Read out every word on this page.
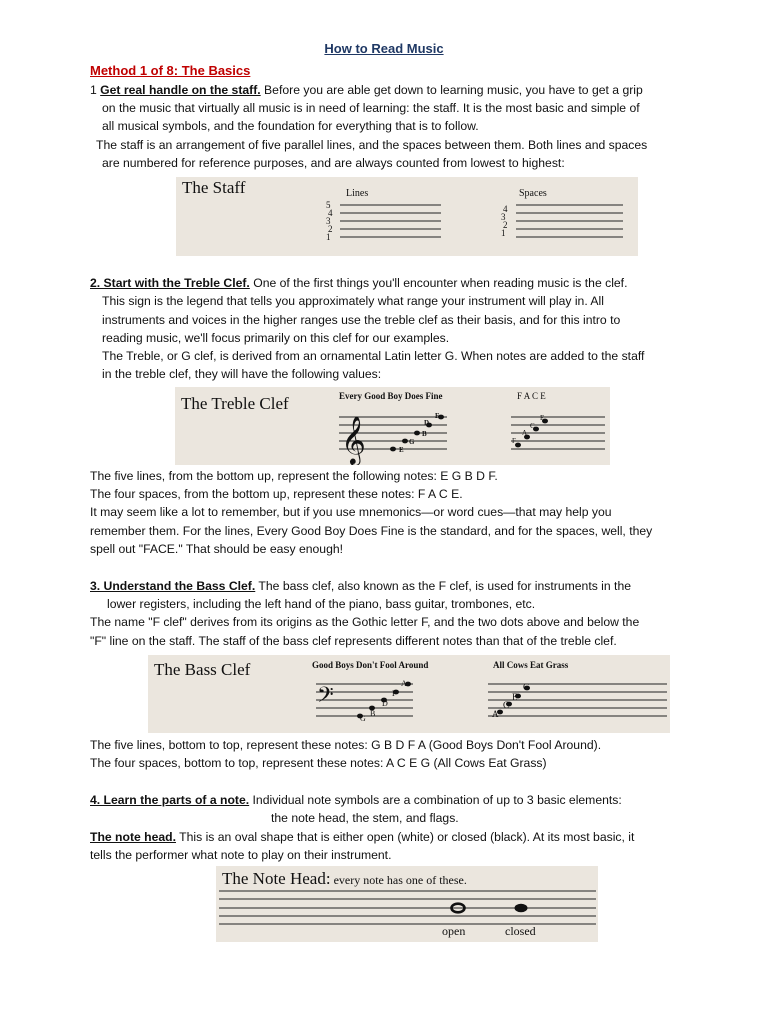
How to Read Music
Method 1 of 8: The Basics
1 Get real handle on the staff. Before you are able get down to learning music, you have to get a grip
on the music that virtually all music is in need of learning: the staff. It is the most basic and simple of
all musical symbols, and the foundation for everything that is to follow.
The staff is an arrangement of five parallel lines, and the spaces between them. Both lines and spaces
are numbered for reference purposes, and are always counted from lowest to highest:
The Staff	Lines	Spaces
5
4
3
2
1
4
3
2
1
2. Start with the Treble Clef. One of the first things you'll encounter when reading music is the clef.
This sign is the legend that tells you approximately what range your instrument will play in. All
instruments and voices in the higher ranges use the treble clef as their basis, and for this intro to
reading music, we'll focus primarily on this clef for our examples.
The Treble, or G clef, is derived from an ornamental Latin letter G. When notes are added to the staff
in the treble clef, they will have the following values:
The Treble Clef	Every Good Boy Does Fine	F A C E
𝄞	E
G
B
D
F
F
A
C
E
The five lines, from the bottom up, represent the following notes: E G B D F.
The four spaces, from the bottom up, represent these notes: F A C E.
It may seem like a lot to remember, but if you use mnemonics—or word cues—that may help you
remember them. For the lines, Every Good Boy Does Fine is the standard, and for the spaces, well, they
spell out "FACE." That should be easy enough!
3. Understand the Bass Clef. The bass clef, also known as the F clef, is used for instruments in the
lower registers, including the left hand of the piano, bass guitar, trombones, etc.
The name "F clef" derives from its origins as the Gothic letter F, and the two dots above and below the
"F" line on the staff. The staff of the bass clef represents different notes than that of the treble clef.
The Bass Clef	Good Boys Don't Fool Around	All Cows Eat Grass
𝄢
G
B
D
F
A
A
C
E
G
The five lines, bottom to top, represent these notes: G B D F A (Good Boys Don't Fool Around).
The four spaces, bottom to top, represent these notes: A C E G (All Cows Eat Grass)
4. Learn the parts of a note. Individual note symbols are a combination of up to 3 basic elements:
the note head, the stem, and flags.
The note head. This is an oval shape that is either open (white) or closed (black). At its most basic, it
tells the performer what note to play on their instrument.
The Note Head: every note has one of these.
open	closed
